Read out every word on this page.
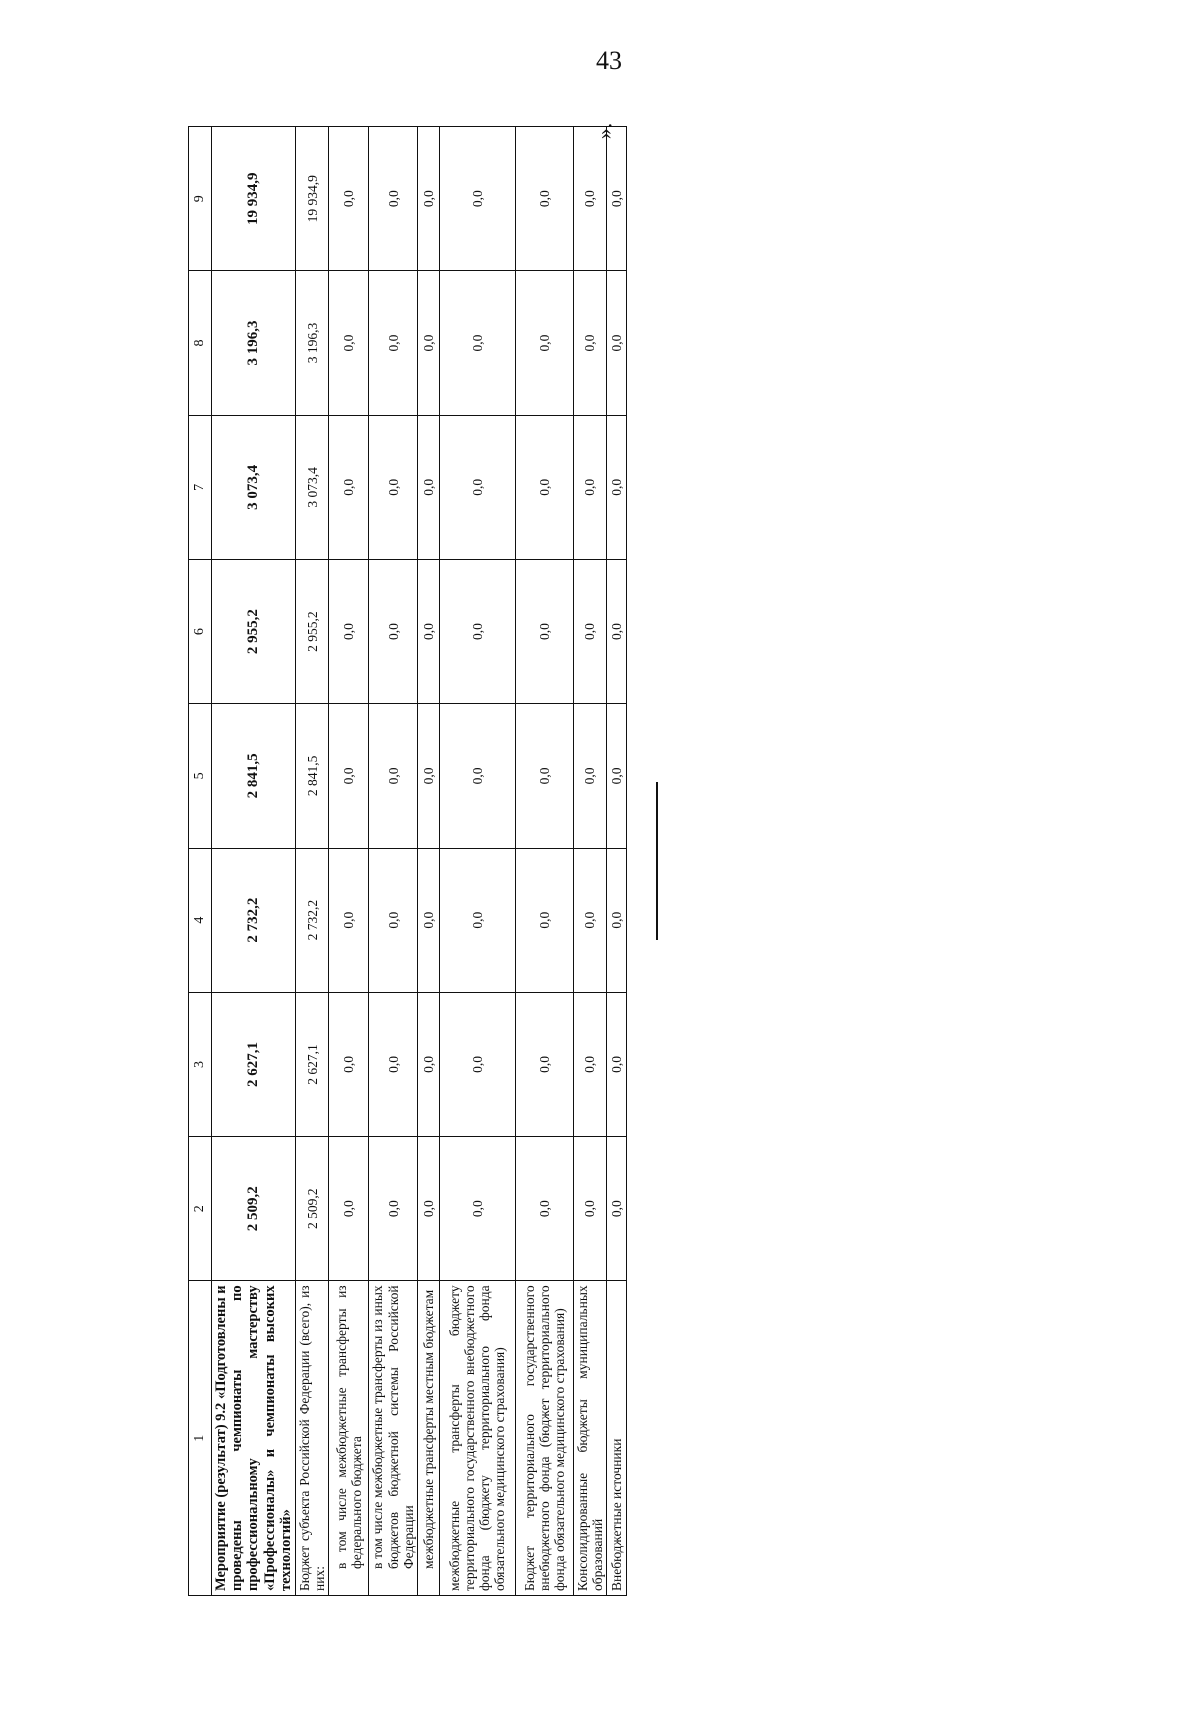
43
».
1	2	3	4	5	6	7	8	9
Мероприятие (результат) 9.2 «Подготовлены и проведены чемпионаты по профессиональному мастерству «Профессионалы» и чемпионаты высоких технологий»	2 509,2	2 627,1	2 732,2	2 841,5	2 955,2	3 073,4	3 196,3	19 934,9
Бюджет субъекта Российской Федерации (всего), из них:	2 509,2	2 627,1	2 732,2	2 841,5	2 955,2	3 073,4	3 196,3	19 934,9
в том числе межбюджетные трансферты из федерального бюджета	0,0	0,0	0,0	0,0	0,0	0,0	0,0	0,0
в том числе межбюджетные трансферты из иных бюджетов бюджетной системы Российской Федерации	0,0	0,0	0,0	0,0	0,0	0,0	0,0	0,0
межбюджетные трансферты местным бюджетам	0,0	0,0	0,0	0,0	0,0	0,0	0,0	0,0
межбюджетные трансферты бюджету территориального государственного внебюджетного фонда (бюджету территориального фонда обязательного медицинского страхования)	0,0	0,0	0,0	0,0	0,0	0,0	0,0	0,0
Бюджет территориального государственного внебюджетного фонда (бюджет территориального фонда обязательного медицинского страхования)	0,0	0,0	0,0	0,0	0,0	0,0	0,0	0,0
Консолидированные бюджеты муниципальных образований	0,0	0,0	0,0	0,0	0,0	0,0	0,0	0,0
Внебюджетные источники	0,0	0,0	0,0	0,0	0,0	0,0	0,0	0,0
